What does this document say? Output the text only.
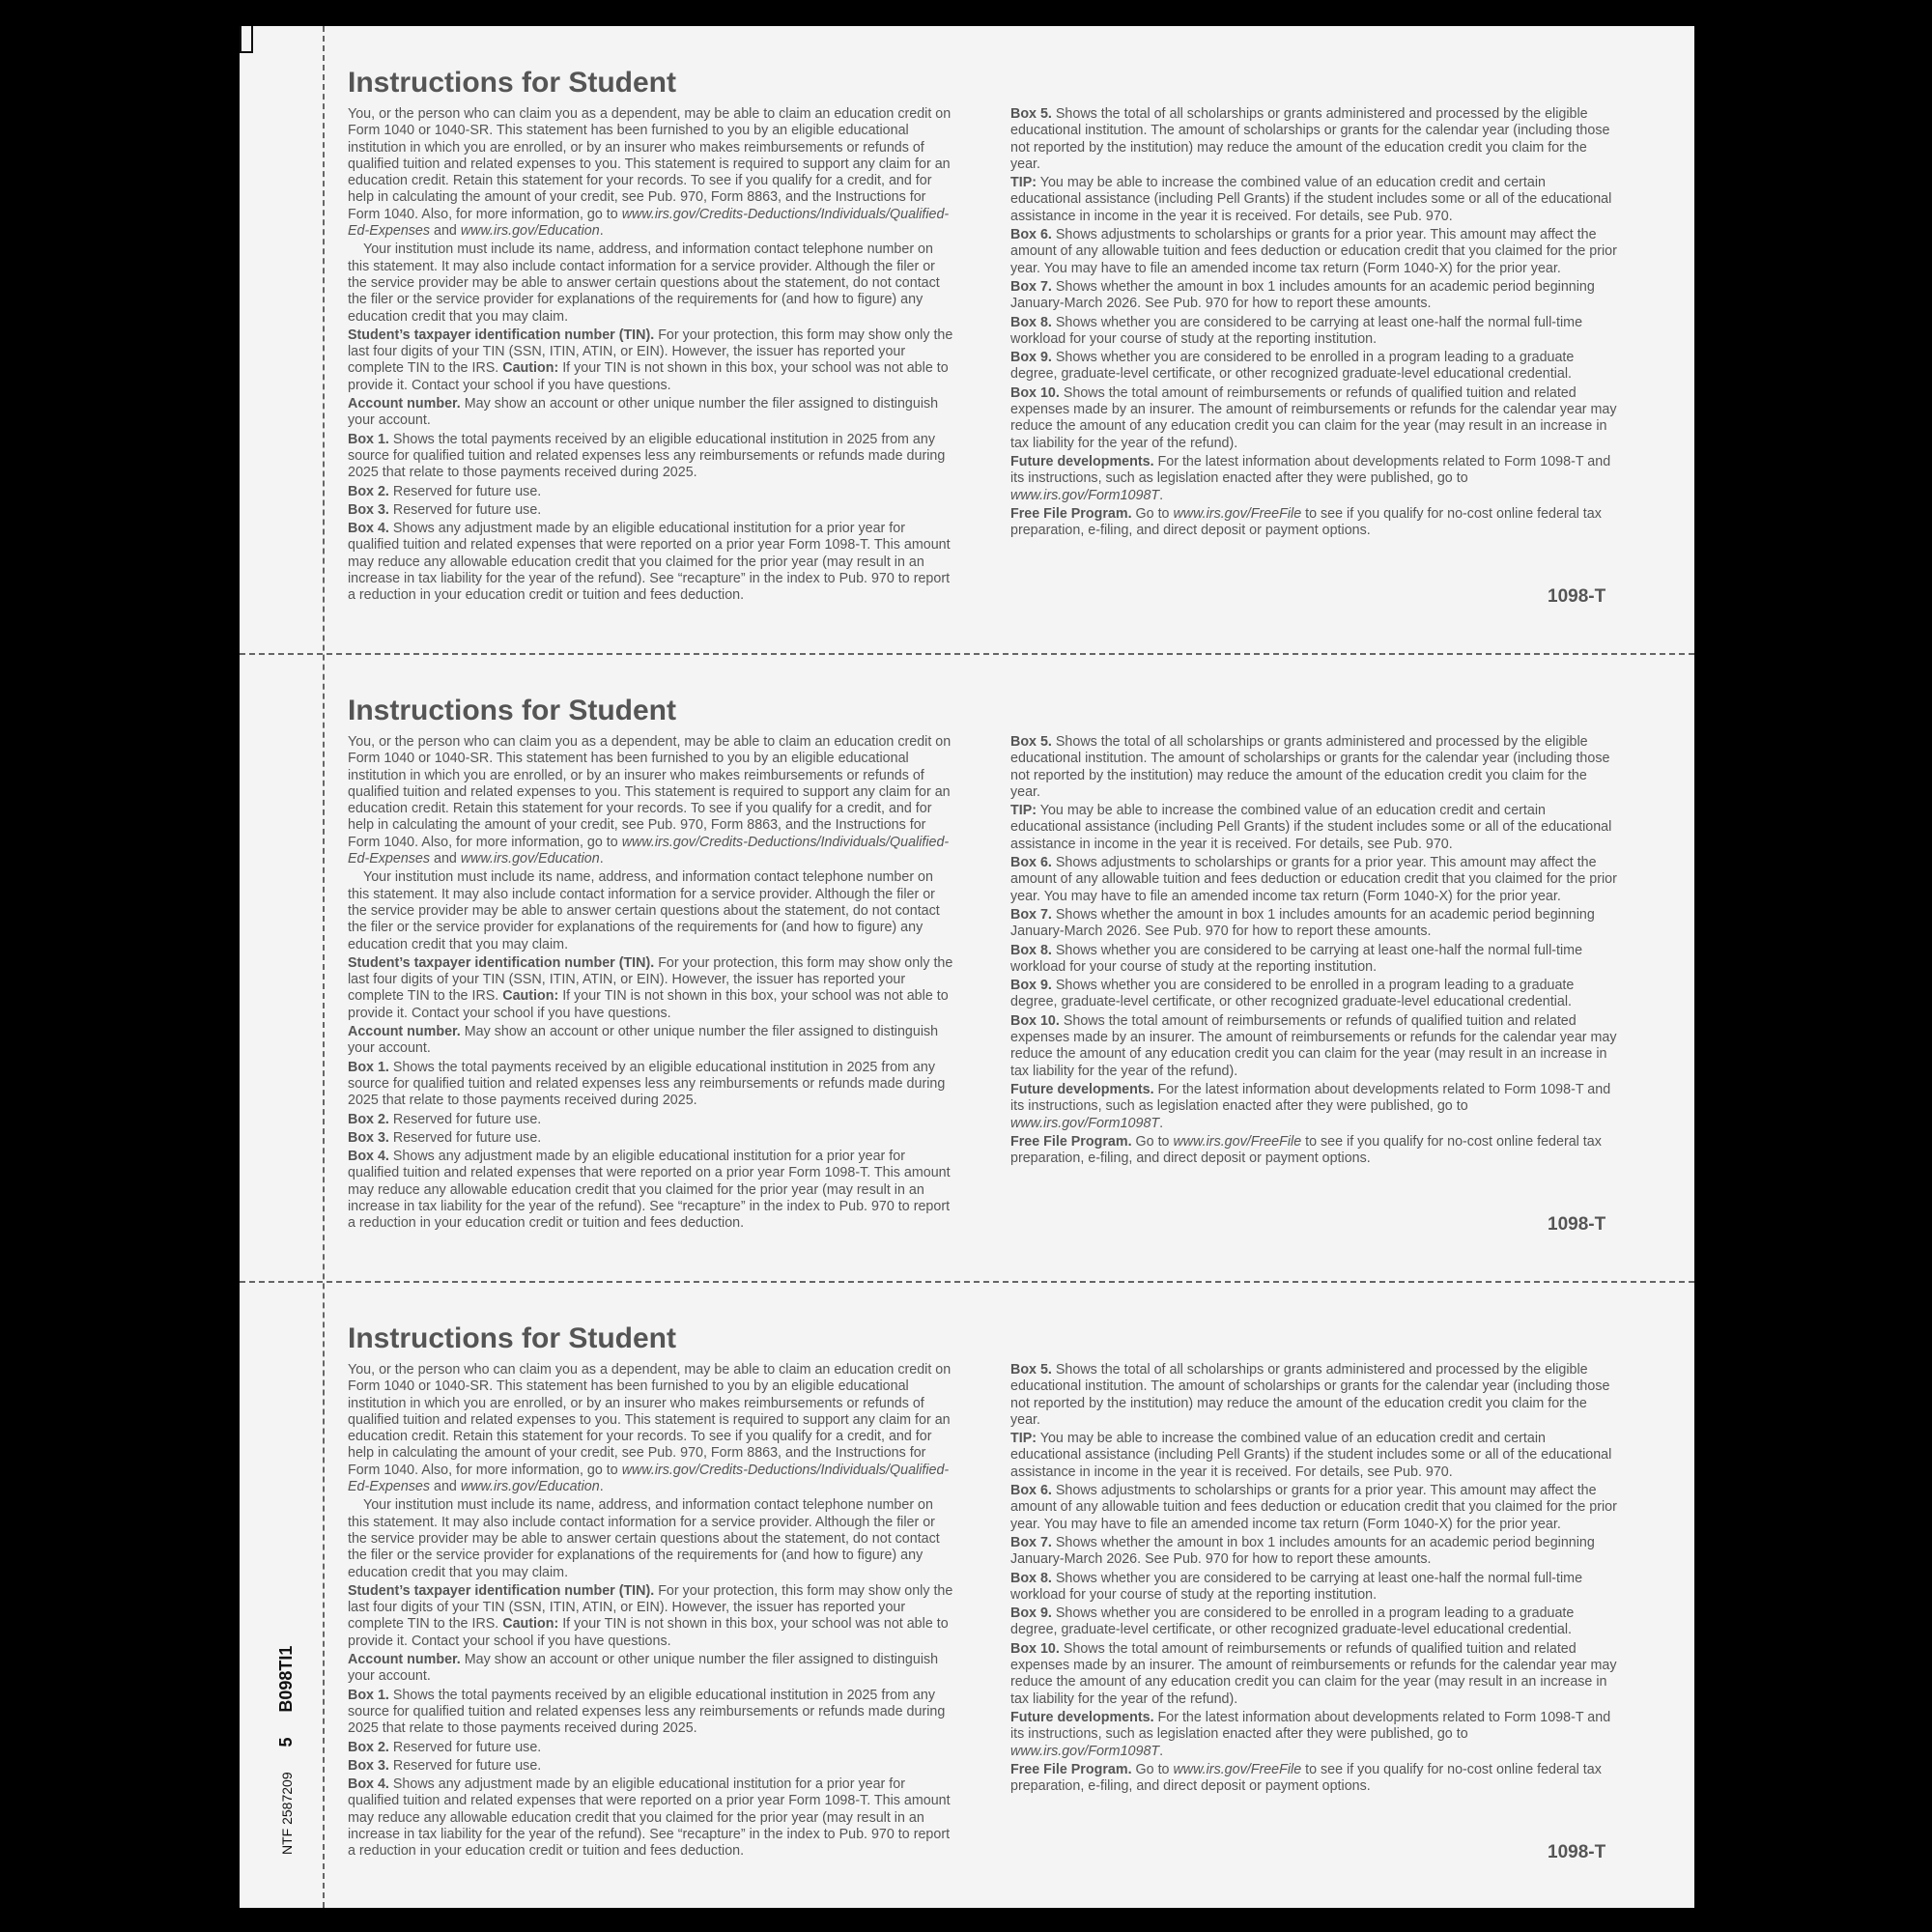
Instructions for Student

You, or the person who can claim you as a dependent, may be able to claim an education credit on Form 1040 or 1040-SR. This statement has been furnished to you by an eligible educational institution in which you are enrolled, or by an insurer who makes reimbursements or refunds of qualified tuition and related expenses to you. This statement is required to support any claim for an education credit. Retain this statement for your records. To see if you qualify for a credit, and for help in calculating the amount of your credit, see Pub. 970, Form 8863, and the Instructions for Form 1040. Also, for more information, go to www.irs.gov/Credits-Deductions/Individuals/Qualified-Ed-Expenses and www.irs.gov/Education.

Your institution must include its name, address, and information contact telephone number on this statement. It may also include contact information for a service provider. Although the filer or the service provider may be able to answer certain questions about the statement, do not contact the filer or the service provider for explanations of the requirements for (and how to figure) any education credit that you may claim.

Student’s taxpayer identification number (TIN). For your protection, this form may show only the last four digits of your TIN (SSN, ITIN, ATIN, or EIN). However, the issuer has reported your complete TIN to the IRS. Caution: If your TIN is not shown in this box, your school was not able to provide it. Contact your school if you have questions.

Account number. May show an account or other unique number the filer assigned to distinguish your account.

Box 1. Shows the total payments received by an eligible educational institution in 2025 from any source for qualified tuition and related expenses less any reimbursements or refunds made during 2025 that relate to those payments received during 2025.

Box 2. Reserved for future use.

Box 3. Reserved for future use.

Box 4. Shows any adjustment made by an eligible educational institution for a prior year for qualified tuition and related expenses that were reported on a prior year Form 1098-T. This amount may reduce any allowable education credit that you claimed for the prior year (may result in an increase in tax liability for the year of the refund). See “recapture” in the index to Pub. 970 to report a reduction in your education credit or tuition and fees deduction.

Box 5. Shows the total of all scholarships or grants administered and processed by the eligible educational institution. The amount of scholarships or grants for the calendar year (including those not reported by the institution) may reduce the amount of the education credit you claim for the year.

TIP: You may be able to increase the combined value of an education credit and certain educational assistance (including Pell Grants) if the student includes some or all of the educational assistance in income in the year it is received. For details, see Pub. 970.

Box 6. Shows adjustments to scholarships or grants for a prior year. This amount may affect the amount of any allowable tuition and fees deduction or education credit that you claimed for the prior year. You may have to file an amended income tax return (Form 1040-X) for the prior year.

Box 7. Shows whether the amount in box 1 includes amounts for an academic period beginning January-March 2026. See Pub. 970 for how to report these amounts.

Box 8. Shows whether you are considered to be carrying at least one-half the normal full-time workload for your course of study at the reporting institution.

Box 9. Shows whether you are considered to be enrolled in a program leading to a graduate degree, graduate-level certificate, or other recognized graduate-level educational credential.

Box 10. Shows the total amount of reimbursements or refunds of qualified tuition and related expenses made by an insurer. The amount of reimbursements or refunds for the calendar year may reduce the amount of any education credit you can claim for the year (may result in an increase in tax liability for the year of the refund).

Future developments. For the latest information about developments related to Form 1098-T and its instructions, such as legislation enacted after they were published, go to www.irs.gov/Form1098T.

Free File Program. Go to www.irs.gov/FreeFile to see if you qualify for no-cost online federal tax preparation, e-filing, and direct deposit or payment options.

1098-T
Instructions for Student

You, or the person who can claim you as a dependent, may be able to claim an education credit on Form 1040 or 1040-SR. This statement has been furnished to you by an eligible educational institution in which you are enrolled, or by an insurer who makes reimbursements or refunds of qualified tuition and related expenses to you. This statement is required to support any claim for an education credit. Retain this statement for your records. To see if you qualify for a credit, and for help in calculating the amount of your credit, see Pub. 970, Form 8863, and the Instructions for Form 1040. Also, for more information, go to www.irs.gov/Credits-Deductions/Individuals/Qualified-Ed-Expenses and www.irs.gov/Education.

Your institution must include its name, address, and information contact telephone number on this statement. It may also include contact information for a service provider. Although the filer or the service provider may be able to answer certain questions about the statement, do not contact the filer or the service provider for explanations of the requirements for (and how to figure) any education credit that you may claim.

Student’s taxpayer identification number (TIN). For your protection, this form may show only the last four digits of your TIN (SSN, ITIN, ATIN, or EIN). However, the issuer has reported your complete TIN to the IRS. Caution: If your TIN is not shown in this box, your school was not able to provide it. Contact your school if you have questions.

Account number. May show an account or other unique number the filer assigned to distinguish your account.

Box 1. Shows the total payments received by an eligible educational institution in 2025 from any source for qualified tuition and related expenses less any reimbursements or refunds made during 2025 that relate to those payments received during 2025.

Box 2. Reserved for future use.

Box 3. Reserved for future use.

Box 4. Shows any adjustment made by an eligible educational institution for a prior year for qualified tuition and related expenses that were reported on a prior year Form 1098-T. This amount may reduce any allowable education credit that you claimed for the prior year (may result in an increase in tax liability for the year of the refund). See “recapture” in the index to Pub. 970 to report a reduction in your education credit or tuition and fees deduction.

Box 5. Shows the total of all scholarships or grants administered and processed by the eligible educational institution. The amount of scholarships or grants for the calendar year (including those not reported by the institution) may reduce the amount of the education credit you claim for the year.

TIP: You may be able to increase the combined value of an education credit and certain educational assistance (including Pell Grants) if the student includes some or all of the educational assistance in income in the year it is received. For details, see Pub. 970.

Box 6. Shows adjustments to scholarships or grants for a prior year. This amount may affect the amount of any allowable tuition and fees deduction or education credit that you claimed for the prior year. You may have to file an amended income tax return (Form 1040-X) for the prior year.

Box 7. Shows whether the amount in box 1 includes amounts for an academic period beginning January-March 2026. See Pub. 970 for how to report these amounts.

Box 8. Shows whether you are considered to be carrying at least one-half the normal full-time workload for your course of study at the reporting institution.

Box 9. Shows whether you are considered to be enrolled in a program leading to a graduate degree, graduate-level certificate, or other recognized graduate-level educational credential.

Box 10. Shows the total amount of reimbursements or refunds of qualified tuition and related expenses made by an insurer. The amount of reimbursements or refunds for the calendar year may reduce the amount of any education credit you can claim for the year (may result in an increase in tax liability for the year of the refund).

Future developments. For the latest information about developments related to Form 1098-T and its instructions, such as legislation enacted after they were published, go to www.irs.gov/Form1098T.

Free File Program. Go to www.irs.gov/FreeFile to see if you qualify for no-cost online federal tax preparation, e-filing, and direct deposit or payment options.

1098-T
Instructions for Student

You, or the person who can claim you as a dependent, may be able to claim an education credit on Form 1040 or 1040-SR. This statement has been furnished to you by an eligible educational institution in which you are enrolled, or by an insurer who makes reimbursements or refunds of qualified tuition and related expenses to you. This statement is required to support any claim for an education credit. Retain this statement for your records. To see if you qualify for a credit, and for help in calculating the amount of your credit, see Pub. 970, Form 8863, and the Instructions for Form 1040. Also, for more information, go to www.irs.gov/Credits-Deductions/Individuals/Qualified-Ed-Expenses and www.irs.gov/Education.

Your institution must include its name, address, and information contact telephone number on this statement. It may also include contact information for a service provider. Although the filer or the service provider may be able to answer certain questions about the statement, do not contact the filer or the service provider for explanations of the requirements for (and how to figure) any education credit that you may claim.

Student’s taxpayer identification number (TIN). For your protection, this form may show only the last four digits of your TIN (SSN, ITIN, ATIN, or EIN). However, the issuer has reported your complete TIN to the IRS. Caution: If your TIN is not shown in this box, your school was not able to provide it. Contact your school if you have questions.

Account number. May show an account or other unique number the filer assigned to distinguish your account.

Box 1. Shows the total payments received by an eligible educational institution in 2025 from any source for qualified tuition and related expenses less any reimbursements or refunds made during 2025 that relate to those payments received during 2025.

Box 2. Reserved for future use.

Box 3. Reserved for future use.

Box 4. Shows any adjustment made by an eligible educational institution for a prior year for qualified tuition and related expenses that were reported on a prior year Form 1098-T. This amount may reduce any allowable education credit that you claimed for the prior year (may result in an increase in tax liability for the year of the refund). See “recapture” in the index to Pub. 970 to report a reduction in your education credit or tuition and fees deduction.

Box 5. Shows the total of all scholarships or grants administered and processed by the eligible educational institution. The amount of scholarships or grants for the calendar year (including those not reported by the institution) may reduce the amount of the education credit you claim for the year.

TIP: You may be able to increase the combined value of an education credit and certain educational assistance (including Pell Grants) if the student includes some or all of the educational assistance in income in the year it is received. For details, see Pub. 970.

Box 6. Shows adjustments to scholarships or grants for a prior year. This amount may affect the amount of any allowable tuition and fees deduction or education credit that you claimed for the prior year. You may have to file an amended income tax return (Form 1040-X) for the prior year.

Box 7. Shows whether the amount in box 1 includes amounts for an academic period beginning January-March 2026. See Pub. 970 for how to report these amounts.

Box 8. Shows whether you are considered to be carrying at least one-half the normal full-time workload for your course of study at the reporting institution.

Box 9. Shows whether you are considered to be enrolled in a program leading to a graduate degree, graduate-level certificate, or other recognized graduate-level educational credential.

Box 10. Shows the total amount of reimbursements or refunds of qualified tuition and related expenses made by an insurer. The amount of reimbursements or refunds for the calendar year may reduce the amount of any education credit you can claim for the year (may result in an increase in tax liability for the year of the refund).

Future developments. For the latest information about developments related to Form 1098-T and its instructions, such as legislation enacted after they were published, go to www.irs.gov/Form1098T.

Free File Program. Go to www.irs.gov/FreeFile to see if you qualify for no-cost online federal tax preparation, e-filing, and direct deposit or payment options.

1098-T
NTF 2587209 5 B098TI1
